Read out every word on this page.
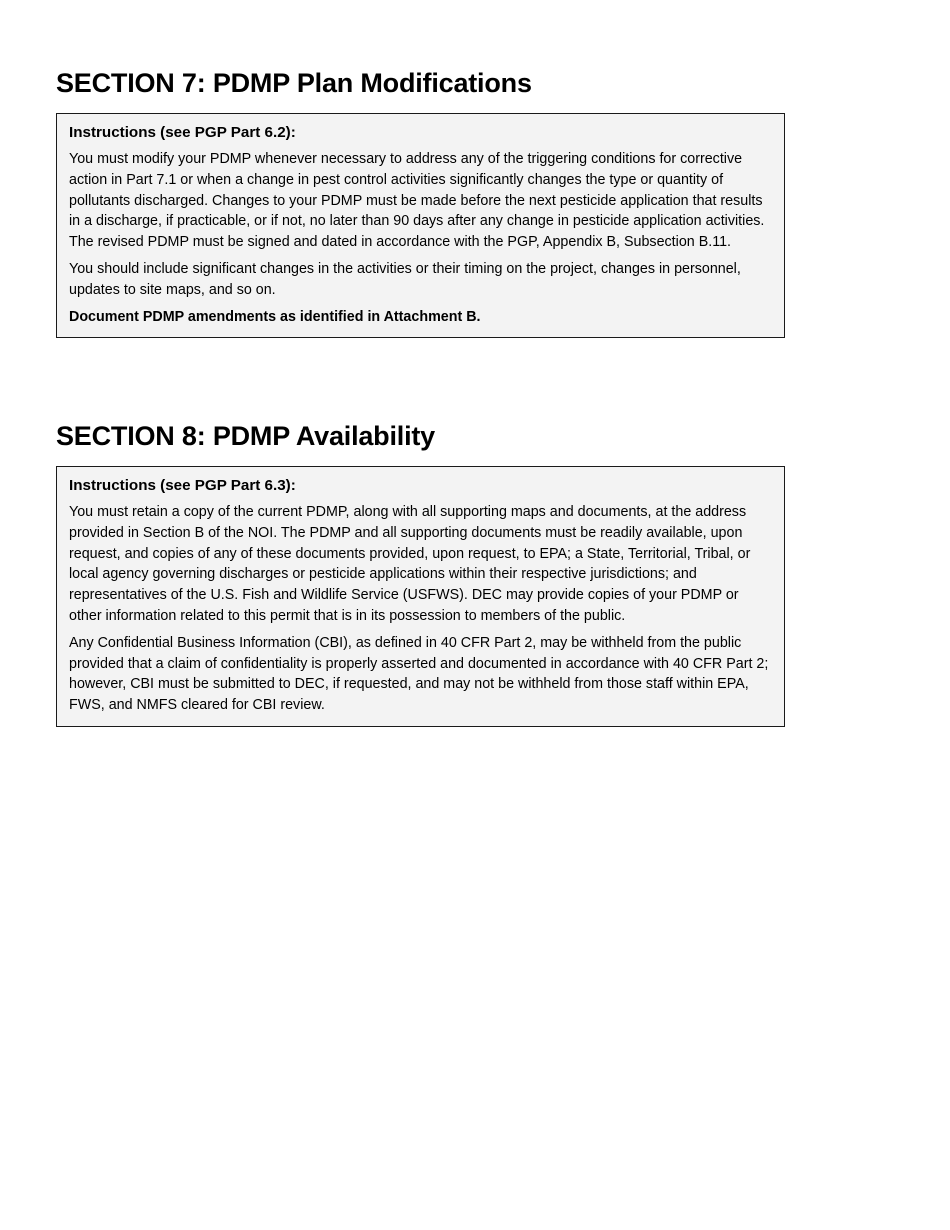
SECTION 7: PDMP Plan Modifications

Instructions (see PGP Part 6.2):

You must modify your PDMP whenever necessary to address any of the triggering conditions for corrective action in Part 7.1 or when a change in pest control activities significantly changes the type or quantity of pollutants discharged. Changes to your PDMP must be made before the next pesticide application that results in a discharge, if practicable, or if not, no later than 90 days after any change in pesticide application activities. The revised PDMP must be signed and dated in accordance with the PGP, Appendix B, Subsection B.11.

You should include significant changes in the activities or their timing on the project, changes in personnel, updates to site maps, and so on.

Document PDMP amendments as identified in Attachment B.

SECTION 8: PDMP Availability

Instructions (see PGP Part 6.3):

You must retain a copy of the current PDMP, along with all supporting maps and documents, at the address provided in Section B of the NOI. The PDMP and all supporting documents must be readily available, upon request, and copies of any of these documents provided, upon request, to EPA; a State, Territorial, Tribal, or local agency governing discharges or pesticide applications within their respective jurisdictions; and representatives of the U.S. Fish and Wildlife Service (USFWS). DEC may provide copies of your PDMP or other information related to this permit that is in its possession to members of the public.

Any Confidential Business Information (CBI), as defined in 40 CFR Part 2, may be withheld from the public provided that a claim of confidentiality is properly asserted and documented in accordance with 40 CFR Part 2; however, CBI must be submitted to DEC, if requested, and may not be withheld from those staff within EPA, FWS, and NMFS cleared for CBI review.
